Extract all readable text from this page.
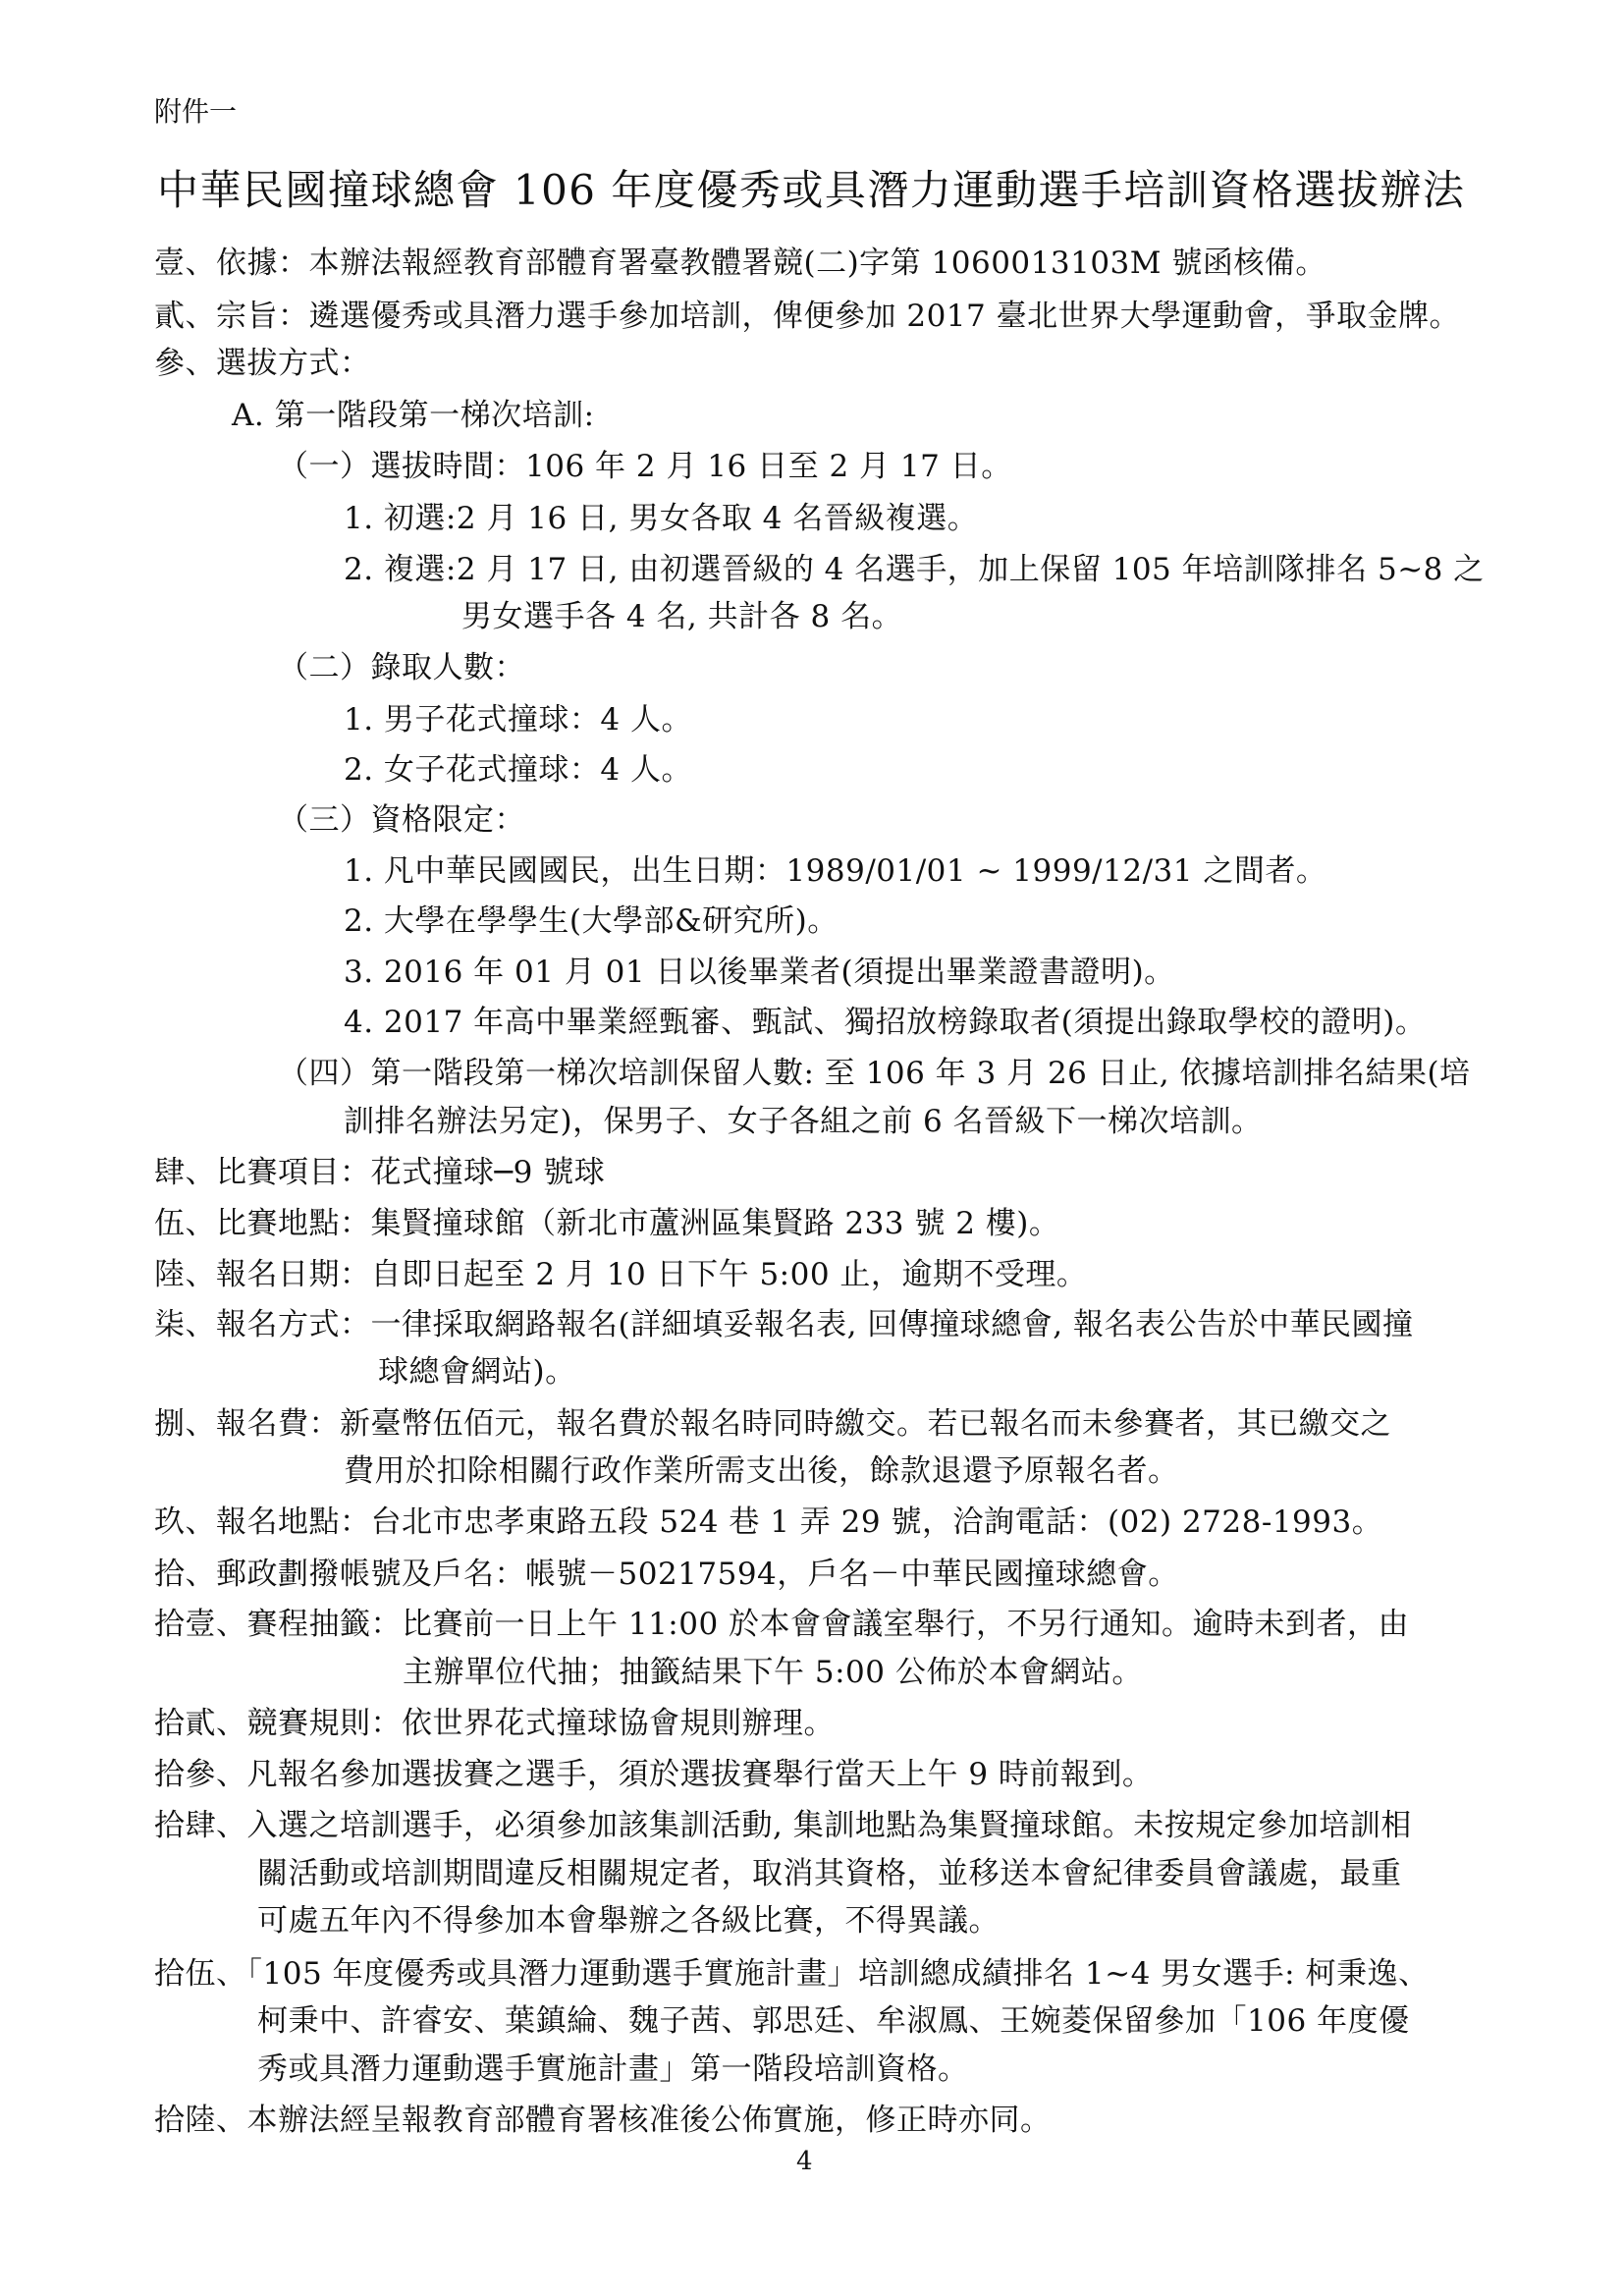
附件一
中華民國撞球總會 106 年度優秀或具潛力運動選手培訓資格選拔辦法
壹、依據：本辦法報經教育部體育署臺教體署競(二)字第 1060013103M 號函核備。
貳、宗旨：遴選優秀或具潛力選手參加培訓，俾便參加 2017 臺北世界大學運動會，爭取金牌。
參、選拔方式：
A. 第一階段第一梯次培訓:
（一）選拔時間：106 年 2 月 16 日至 2 月 17 日。
1. 初選:2 月 16 日, 男女各取 4 名晉級複選。
2. 複選:2 月 17 日, 由初選晉級的 4 名選手，加上保留 105 年培訓隊排名 5~8 之
男女選手各 4 名, 共計各 8 名。
（二）錄取人數：
1. 男子花式撞球：4 人。
2. 女子花式撞球：4 人。
（三）資格限定：
1. 凡中華民國國民，出生日期：1989/01/01 ~ 1999/12/31 之間者。
2. 大學在學學生(大學部&研究所)。
3. 2016 年 01 月 01 日以後畢業者(須提出畢業證書證明)。
4. 2017 年高中畢業經甄審、甄試、獨招放榜錄取者(須提出錄取學校的證明)。
（四）第一階段第一梯次培訓保留人數: 至 106 年 3 月 26 日止, 依據培訓排名結果(培
訓排名辦法另定)，保男子、女子各組之前 6 名晉級下一梯次培訓。
肆、比賽項目：花式撞球─9 號球
伍、比賽地點：集賢撞球館（新北市蘆洲區集賢路 233 號 2 樓)。
陸、報名日期：自即日起至 2 月 10 日下午 5:00 止，逾期不受理。
柒、報名方式：一律採取網路報名(詳細填妥報名表, 回傳撞球總會, 報名表公告於中華民國撞
球總會網站)。
捌、報名費：新臺幣伍佰元，報名費於報名時同時繳交。若已報名而未參賽者，其已繳交之
費用於扣除相關行政作業所需支出後，餘款退還予原報名者。
玖、報名地點：台北市忠孝東路五段 524 巷 1 弄 29 號，洽詢電話：(02) 2728-1993。
拾、郵政劃撥帳號及戶名：帳號－50217594，戶名－中華民國撞球總會。
拾壹、賽程抽籤：比賽前一日上午 11:00 於本會會議室舉行，不另行通知。逾時未到者，由
主辦單位代抽；抽籤結果下午 5:00 公佈於本會網站。
拾貳、競賽規則：依世界花式撞球協會規則辦理。
拾參、凡報名參加選拔賽之選手，須於選拔賽舉行當天上午 9 時前報到。
拾肆、入選之培訓選手，必須參加該集訓活動, 集訓地點為集賢撞球館。未按規定參加培訓相
關活動或培訓期間違反相關規定者，取消其資格，並移送本會紀律委員會議處，最重
可處五年內不得參加本會舉辦之各級比賽，不得異議。
拾伍、「105 年度優秀或具潛力運動選手實施計畫」培訓總成績排名 1~4 男女選手: 柯秉逸、
柯秉中、許睿安、葉鎮綸、魏子茜、郭思廷、牟淑鳳、王婉菱保留參加「106 年度優
秀或具潛力運動選手實施計畫」第一階段培訓資格。
拾陸、本辦法經呈報教育部體育署核准後公佈實施，修正時亦同。
4
